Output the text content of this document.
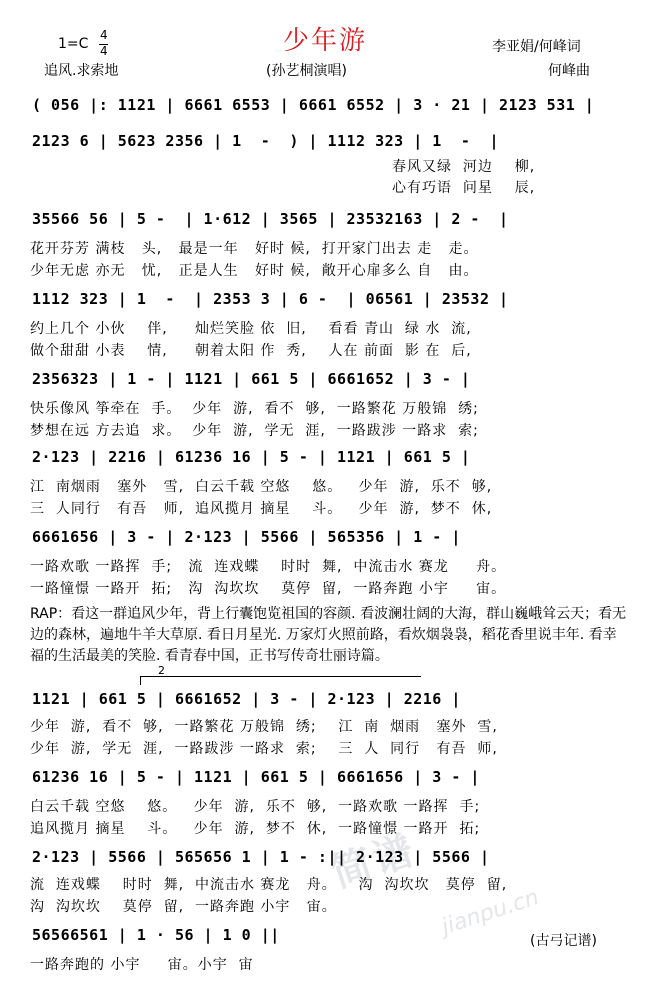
简谱
jianpu.cn
1=C
4
4	少年游	李亚娟/何峰词
追风.求索地	(孙艺桐演唱)	何峰曲
( 056 |: 1121 | 6661 6553 | 6661 6552 | 3 · 21 | 2123 531 |
2123 6 | 5623 2356 | 1  -  ) | 1112 323 | 1  -  |
春风又绿  河边    柳,
心有巧语  问星    辰,
35566 56 | 5 -  | 1·612 | 3565 | 23532163 | 2 -  |
花开芬芳 满枝   头,   最是一年   好时 候,  打开家门出去 走   走。
少年无虑 亦无   忧,   正是人生   好时 候,  敞开心扉多么 自   由。
1112 323 | 1  -  | 2353 3 | 6 -  | 06561 | 23532 |
约上几个 小伙    伴,     灿烂笑脸 依  旧,    看看 青山  绿 水  流,
做个甜甜 小表    情,     朝着太阳 作  秀,    人在 前面  影 在  后,
2356323 | 1 - | 1121 | 661 5 | 6661652 | 3 - |
快乐像风 筝牵在  手。  少年  游,  看不  够,  一路繁花 万般锦  绣;
梦想在远 方去追  求。  少年  游,  学无  涯,  一路跋涉 一路求  索;
2·123 | 2216 | 61236 16 | 5 - | 1121 | 661 5 |
江  南烟雨   塞外   雪,  白云千载 空悠    悠。   少年  游,  乐不  够,
三  人同行   有吾   师,  追风揽月 摘星    斗。   少年  游,  梦不  休,
6661656 | 3 - | 2·123 | 5566 | 565356 | 1 - |
一路欢歌 一路挥  手;   流  连戏蝶    时时  舞,  中流击水 赛龙     舟。
一路憧憬 一路开  拓;   沟  沟坎坎    莫停  留,  一路奔跑 小宇     宙。
RAP：看这一群追风少年，背上行囊饱览祖国的容颜. 看波澜壮阔的大海，群山巍峨耸云天；看无边的森林，遍地牛羊大草原. 看日月星光. 万家灯火照前路，看炊烟袅袅，稻花香里说丰年. 看幸福的生活最美的笑脸. 看青春中国，正书写传奇壮丽诗篇。
2
1121 | 661 5 | 6661652 | 3 - | 2·123 | 2216 |
少年  游,  看不  够,  一路繁花 万般锦  绣;    江  南  烟雨   塞外  雪,
少年  游,  学无  涯,  一路跋涉 一路求  索;    三  人  同行   有吾  师,
61236 16 | 5 - | 1121 | 661 5 | 6661656 | 3 - |
白云千载 空悠    悠。   少年  游,  乐不  够,  一路欢歌 一路挥  手;
追风揽月 摘星    斗。   少年  游,  梦不  休,  一路憧憬 一路开  拓;
2·123 | 5566 | 565656 1 | 1 - :|| 2·123 | 5566 |
流  连戏蝶    时时  舞,  中流击水 赛龙   舟。    沟  沟坎坎   莫停  留,
沟  沟坎坎    莫停  留,  一路奔跑 小宇   宙。
56566561 | 1 · 56 | 1 0 ||
一路奔跑的 小宇     宙。小宇  宙
(古弓记谱)
